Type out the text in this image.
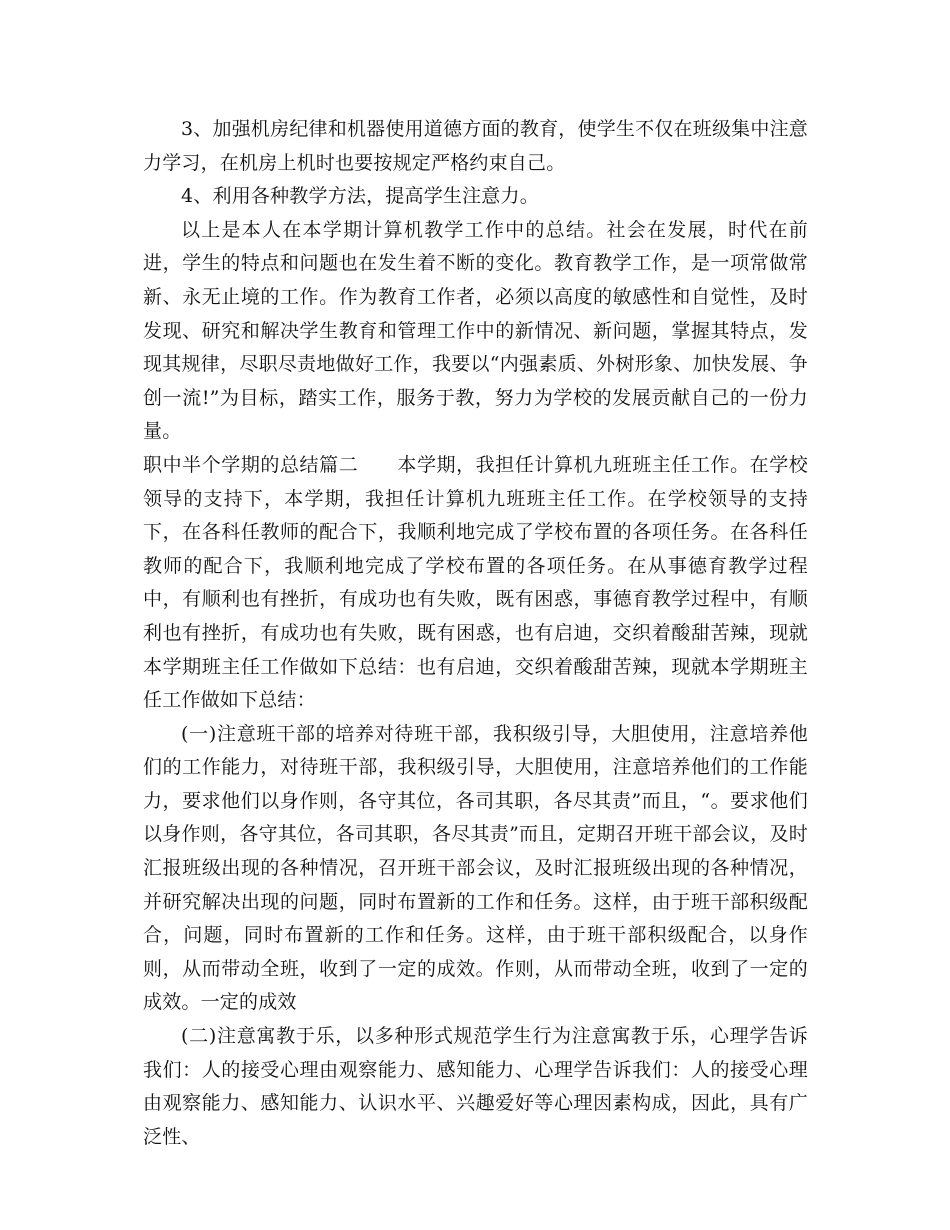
3、加强机房纪律和机器使用道德方面的教育，使学生不仅在班级集中注意力学习，在机房上机时也要按规定严格约束自己。

4、利用各种教学方法，提高学生注意力。

以上是本人在本学期计算机教学工作中的总结。社会在发展，时代在前进，学生的特点和问题也在发生着不断的变化。教育教学工作，是一项常做常新、永无止境的工作。作为教育工作者，必须以高度的敏感性和自觉性，及时发现、研究和解决学生教育和管理工作中的新情况、新问题，掌握其特点，发现其规律，尽职尽责地做好工作，我要以“内强素质、外树形象、加快发展、争创一流!”为目标，踏实工作，服务于教，努力为学校的发展贡献自己的一份力量。

职中半个学期的总结篇二　　本学期，我担任计算机九班班主任工作。在学校领导的支持下，本学期，我担任计算机九班班主任工作。在学校领导的支持下，在各科任教师的配合下，我顺利地完成了学校布置的各项任务。在各科任教师的配合下，我顺利地完成了学校布置的各项任务。在从事德育教学过程中，有顺利也有挫折，有成功也有失败，既有困惑，事德育教学过程中，有顺利也有挫折，有成功也有失败，既有困惑，也有启迪，交织着酸甜苦辣，现就本学期班主任工作做如下总结：也有启迪，交织着酸甜苦辣，现就本学期班主任工作做如下总结：

(一)注意班干部的培养对待班干部，我积级引导，大胆使用，注意培养他们的工作能力，对待班干部，我积级引导，大胆使用，注意培养他们的工作能力，要求他们以身作则，各守其位，各司其职，各尽其责”而且，“。要求他们以身作则，各守其位，各司其职，各尽其责”而且，定期召开班干部会议，及时汇报班级出现的各种情况，召开班干部会议，及时汇报班级出现的各种情况，并研究解决出现的问题，同时布置新的工作和任务。这样，由于班干部积级配合，问题，同时布置新的工作和任务。这样，由于班干部积级配合，以身作则，从而带动全班，收到了一定的成效。作则，从而带动全班，收到了一定的成效。一定的成效

(二)注意寓教于乐，以多种形式规范学生行为注意寓教于乐，心理学告诉我们：人的接受心理由观察能力、感知能力、心理学告诉我们：人的接受心理由观察能力、感知能力、认识水平、兴趣爱好等心理因素构成，因此，具有广泛性、
